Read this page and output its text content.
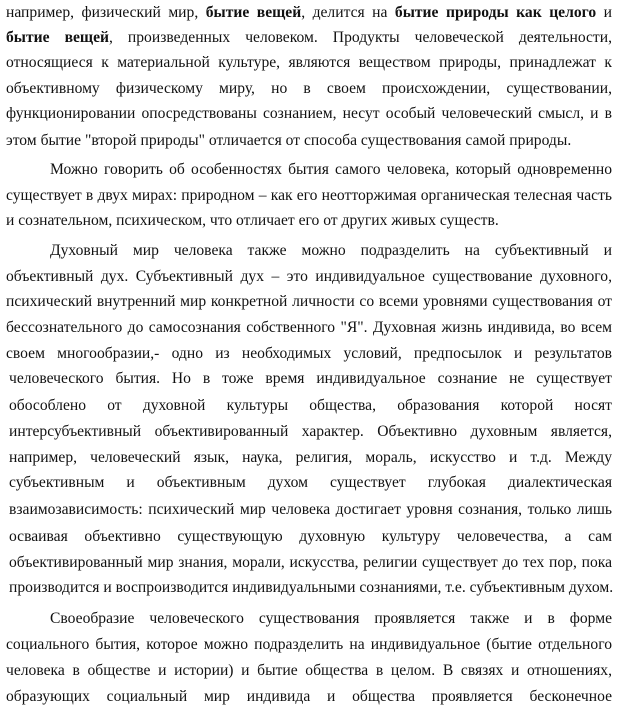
например, физический мир, бытие вещей, делится на бытие природы как целого и
бытие вещей, произведенных человеком. Продукты человеческой деятельности,
относящиеся к материальной культуре, являются веществом природы, принадлежат к
объективному физическому миру, но в своем происхождении, существовании,
функционировании опосредствованы сознанием, несут особый человеческий смысл, и в
этом бытие "второй природы" отличается от способа существования самой природы.
Можно говорить об особенностях бытия самого человека, который одновременно
существует в двух мирах: природном – как его неотторжимая органическая телесная часть
и сознательном, психическом, что отличает его от других живых существ.
Духовный мир человека также можно подразделить на субъективный и
объективный дух. Субъективный дух – это индивидуальное существование духовного,
психический внутренний мир конкретной личности со всеми уровнями существования от
бессознательного до самосознания собственного "Я". Духовная жизнь индивида, во всем
своем многообразии,- одно из необходимых условий, предпосылок и результатов
человеческого бытия. Но в тоже время индивидуальное сознание не существует
обособлено от духовной культуры общества, образования которой носят
интерсубъективный объективированный характер. Объективно духовным является,
например, человеческий язык, наука, религия, мораль, искусство и т.д. Между
субъективным и объективным духом существует глубокая диалектическая
взаимозависимость: психический мир человека достигает уровня сознания, только лишь
осваивая объективно существующую духовную культуру человечества, а сам
объективированный мир знания, морали, искусства, религии существует до тех пор, пока
производится и воспроизводится индивидуальными сознаниями, т.е. субъективным духом.
Своеобразие человеческого существования проявляется также и в форме
социального бытия, которое можно подразделить на индивидуальное (бытие отдельного
человека в обществе и истории) и бытие общества в целом. В связях и отношениях,
образующих социальный мир индивида и общества проявляется бесконечное
